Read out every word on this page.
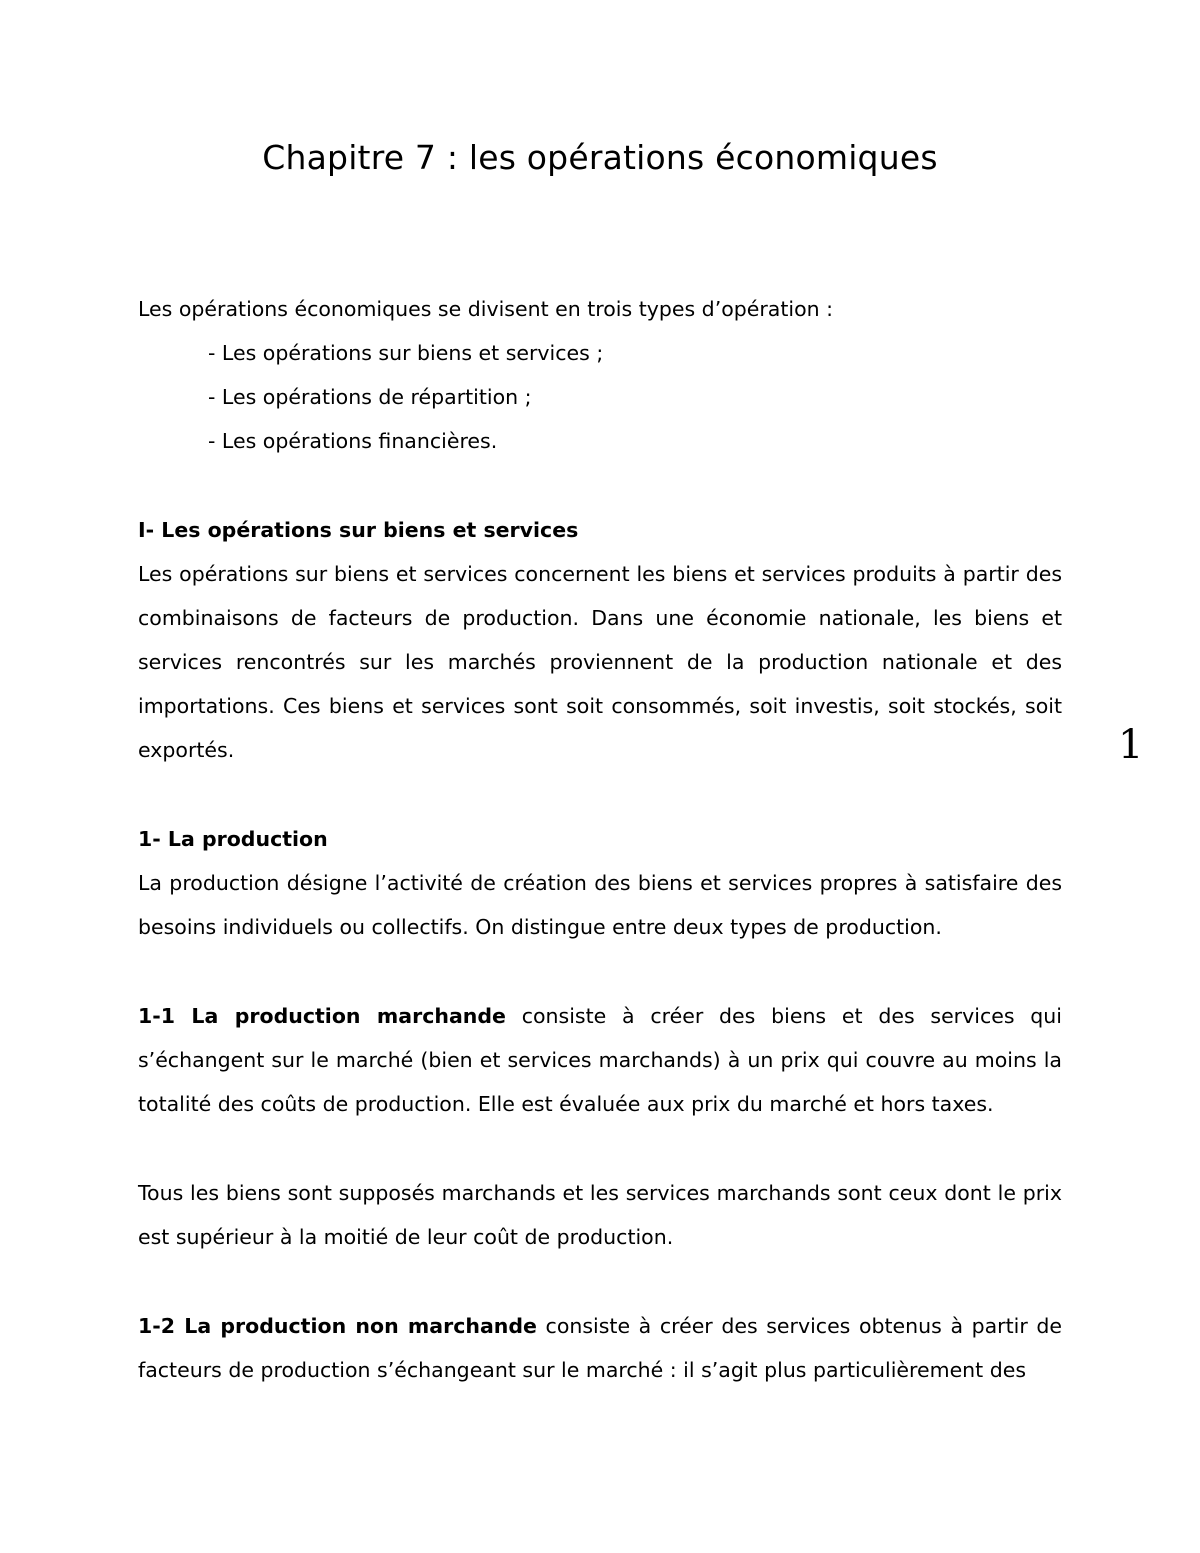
Chapitre 7 : les opérations économiques

Les opérations économiques se divisent en trois types d’opération :

- Les opérations sur biens et services ;
- Les opérations de répartition ;
- Les opérations financières.
I- Les opérations sur biens et services

Les opérations sur biens et services concernent les biens et services produits à partir des combinaisons de facteurs de production. Dans une économie nationale, les biens et services rencontrés sur les marchés proviennent de la production nationale et des importations. Ces biens et services sont soit consommés, soit investis, soit stockés, soit exportés.

1- La production

La production désigne l’activité de création des biens et services propres à satisfaire des besoins individuels ou collectifs. On distingue entre deux types de production.

1-1 La production marchande consiste à créer des biens et des services qui s’échangent sur le marché (bien et services marchands) à un prix qui couvre au moins la totalité des coûts de production. Elle est évaluée aux prix du marché et hors taxes.

Tous les biens sont supposés marchands et les services marchands sont ceux dont le prix est supérieur à la moitié de leur coût de production.

1-2 La production non marchande consiste à créer des services obtenus à partir de facteurs de production s’échangeant sur le marché : il s’agit plus particulièrement des

1
